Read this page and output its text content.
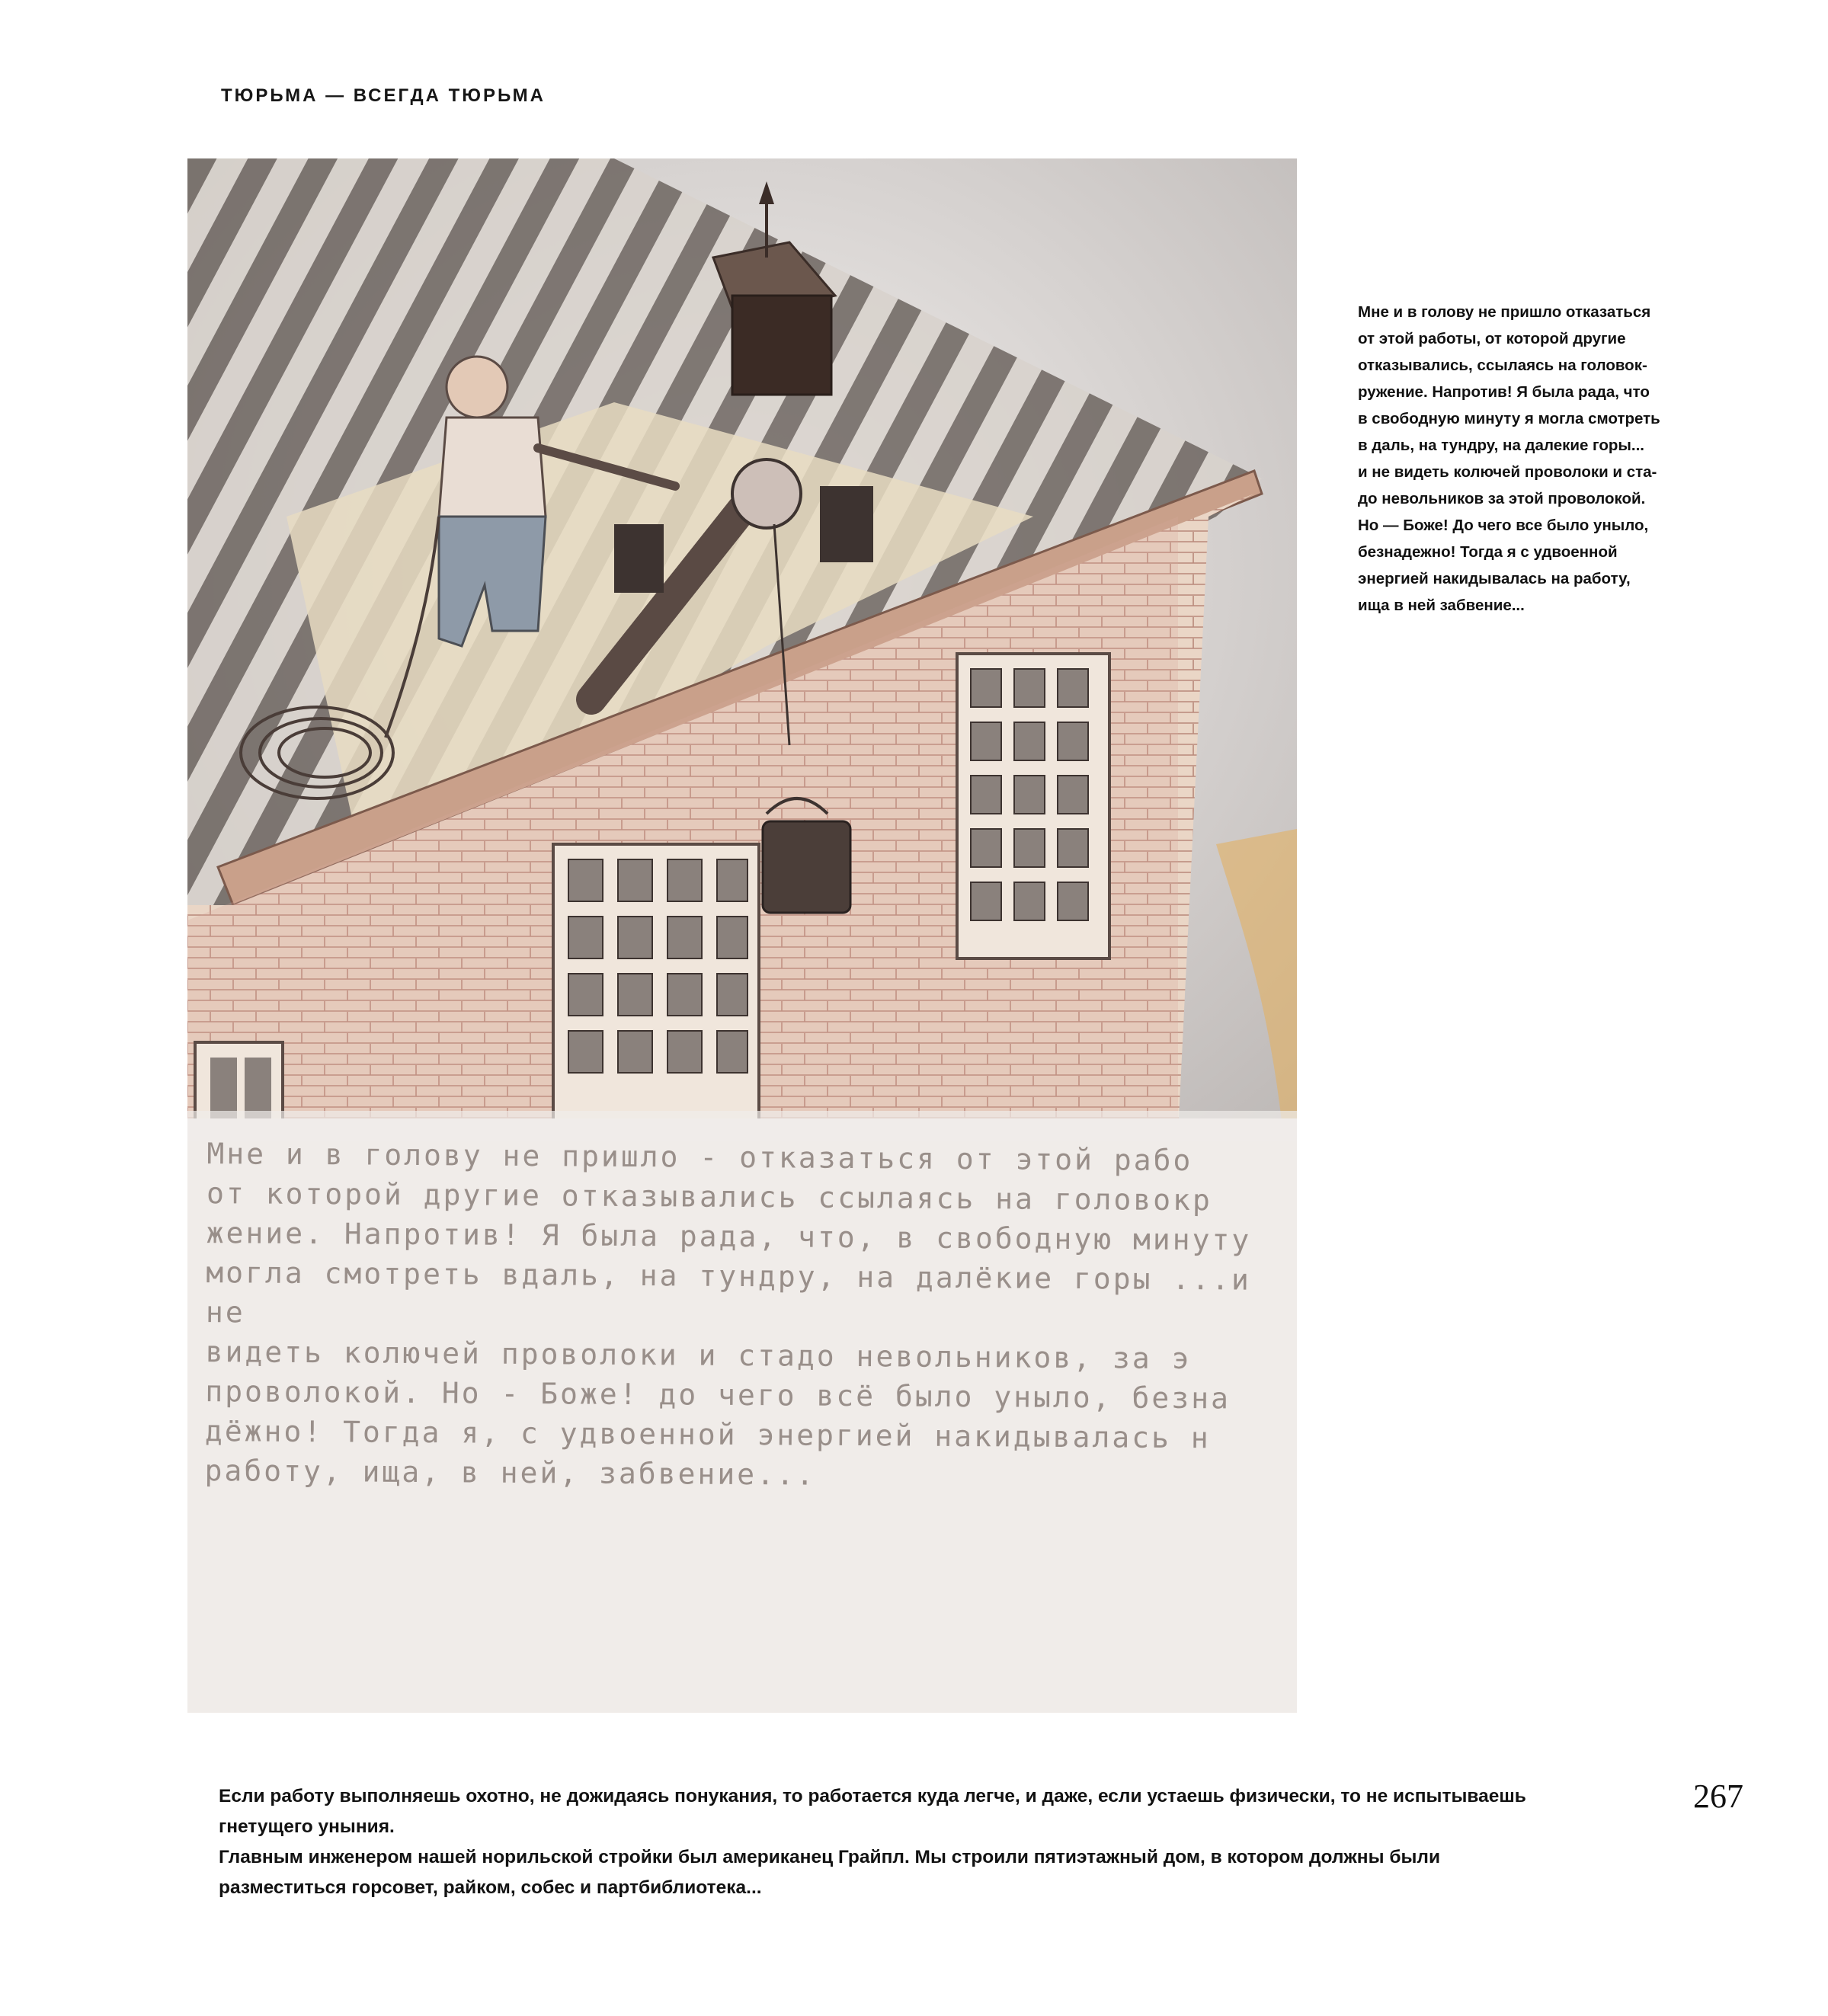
ТЮРЬМА — ВСЕГДА ТЮРЬМА
Мне и в голову не пришло - отказаться от этой рабо
от которой другие отказывались ссылаясь на головокр
жение. Напротив! Я была рада, что, в свободную минуту
могла смотреть вдаль, на тундру, на далёкие горы ...и не
видеть колючей проволоки и стадо невольников, за э
проволокой. Но - Боже! до чего всё было уныло, безна
дёжно! Тогда я, с удвоенной энергией накидывалась н
работу, ища, в ней, забвение...
Мне и в голову не пришло отказаться
от этой работы, от которой другие
отказывались, ссылаясь на головок-
ружение. Напротив! Я была рада, что
в свободную минуту я могла смотреть
в даль, на тундру, на далекие горы...
и не видеть колючей проволоки и ста-
до невольников за этой проволокой.
Но — Боже! До чего все было уныло,
безнадежно! Тогда я с удвоенной
энергией накидывалась на работу,
ища в ней забвение...

Если работу выполняешь охотно, не дожидаясь понукания, то работается куда легче, и даже, если устаешь физически, то не испытываешь гнетущего уныния.

Главным инженером нашей норильской стройки был американец Грайпл. Мы строили пятиэтажный дом, в котором должны были разместиться горсовет, райком, собес и партбиблиотека...

267
